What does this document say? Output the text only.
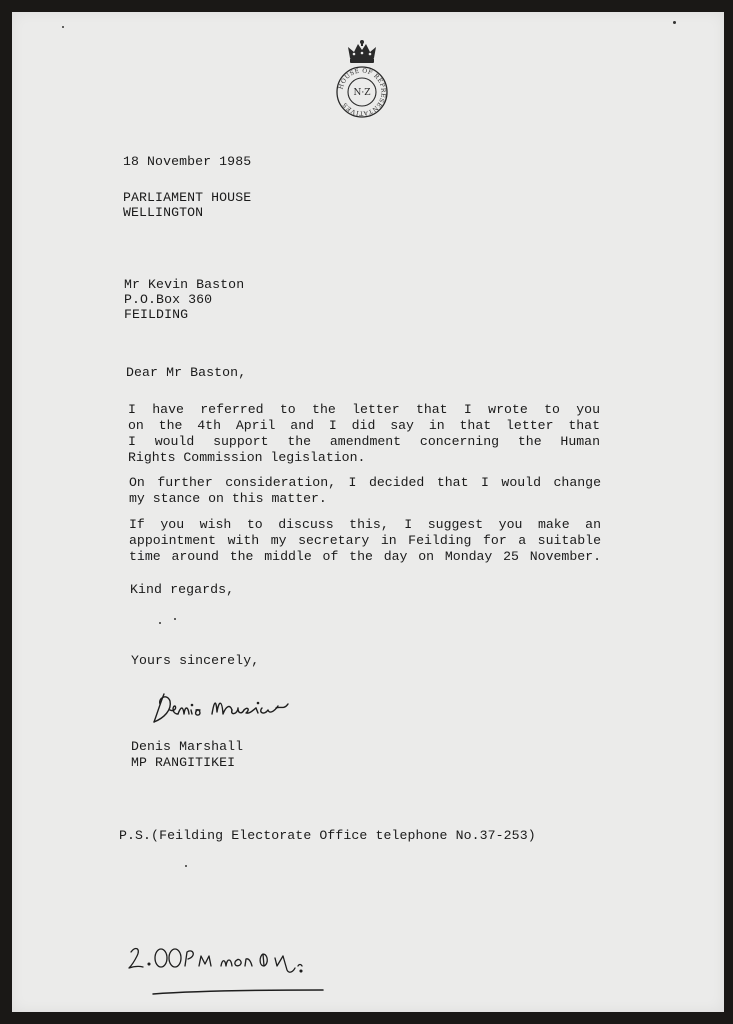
HOUSE OF REPRESENTATIVES
N·Z
18 November 1985
PARLIAMENT HOUSE
WELLINGTON
Mr Kevin Baston
P.O.Box 360
FEILDING
Dear Mr Baston,
I have referred to the letter that I wrote to you
on the 4th April and I did say in that letter that
I would support the amendment concerning the Human
Rights Commission legislation.
On further consideration, I decided that I would change
my stance on this matter.
If you wish to discuss this, I suggest you make an
appointment with my secretary in Feilding for a suitable
time around the middle of the day on Monday 25 November.
Kind regards,
Yours sincerely,
Denis Marshall
Denis Marshall
MP RANGITIKEI
P.S.(Feilding Electorate Office telephone No.37-253)
2.00 PM MONDAY
